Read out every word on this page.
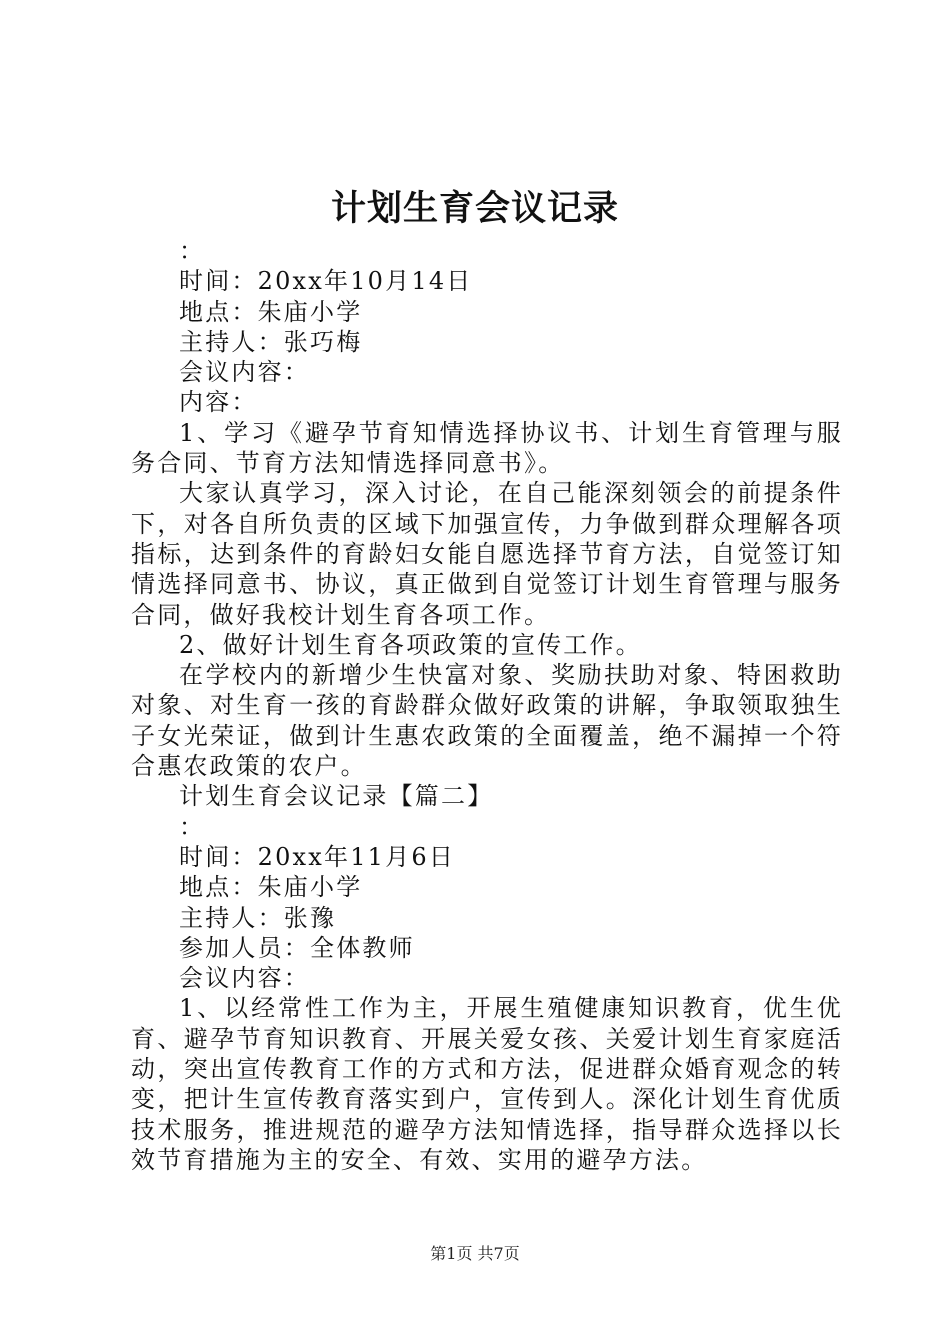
计划生育会议记录

：

时间：20xx年10月14日

地点：朱庙小学

主持人：张巧梅

会议内容：

内容：

1、学习《避孕节育知情选择协议书、计划生育管理与服务合同、节育方法知情选择同意书》。

大家认真学习，深入讨论，在自己能深刻领会的前提条件下，对各自所负责的区域下加强宣传，力争做到群众理解各项指标，达到条件的育龄妇女能自愿选择节育方法，自觉签订知情选择同意书、协议，真正做到自觉签订计划生育管理与服务合同，做好我校计划生育各项工作。

2、做好计划生育各项政策的宣传工作。

在学校内的新增少生快富对象、奖励扶助对象、特困救助对象、对生育一孩的育龄群众做好政策的讲解，争取领取独生子女光荣证，做到计生惠农政策的全面覆盖，绝不漏掉一个符合惠农政策的农户。

计划生育会议记录【篇二】

：

时间：20xx年11月6日

地点：朱庙小学

主持人：张豫

参加人员：全体教师

会议内容：

1、以经常性工作为主，开展生殖健康知识教育，优生优育、避孕节育知识教育、开展关爱女孩、关爱计划生育家庭活动，突出宣传教育工作的方式和方法，促进群众婚育观念的转变，把计生宣传教育落实到户，宣传到人。深化计划生育优质技术服务，推进规范的避孕方法知情选择，指导群众选择以长效节育措施为主的安全、有效、实用的避孕方法。

第1页 共7页
